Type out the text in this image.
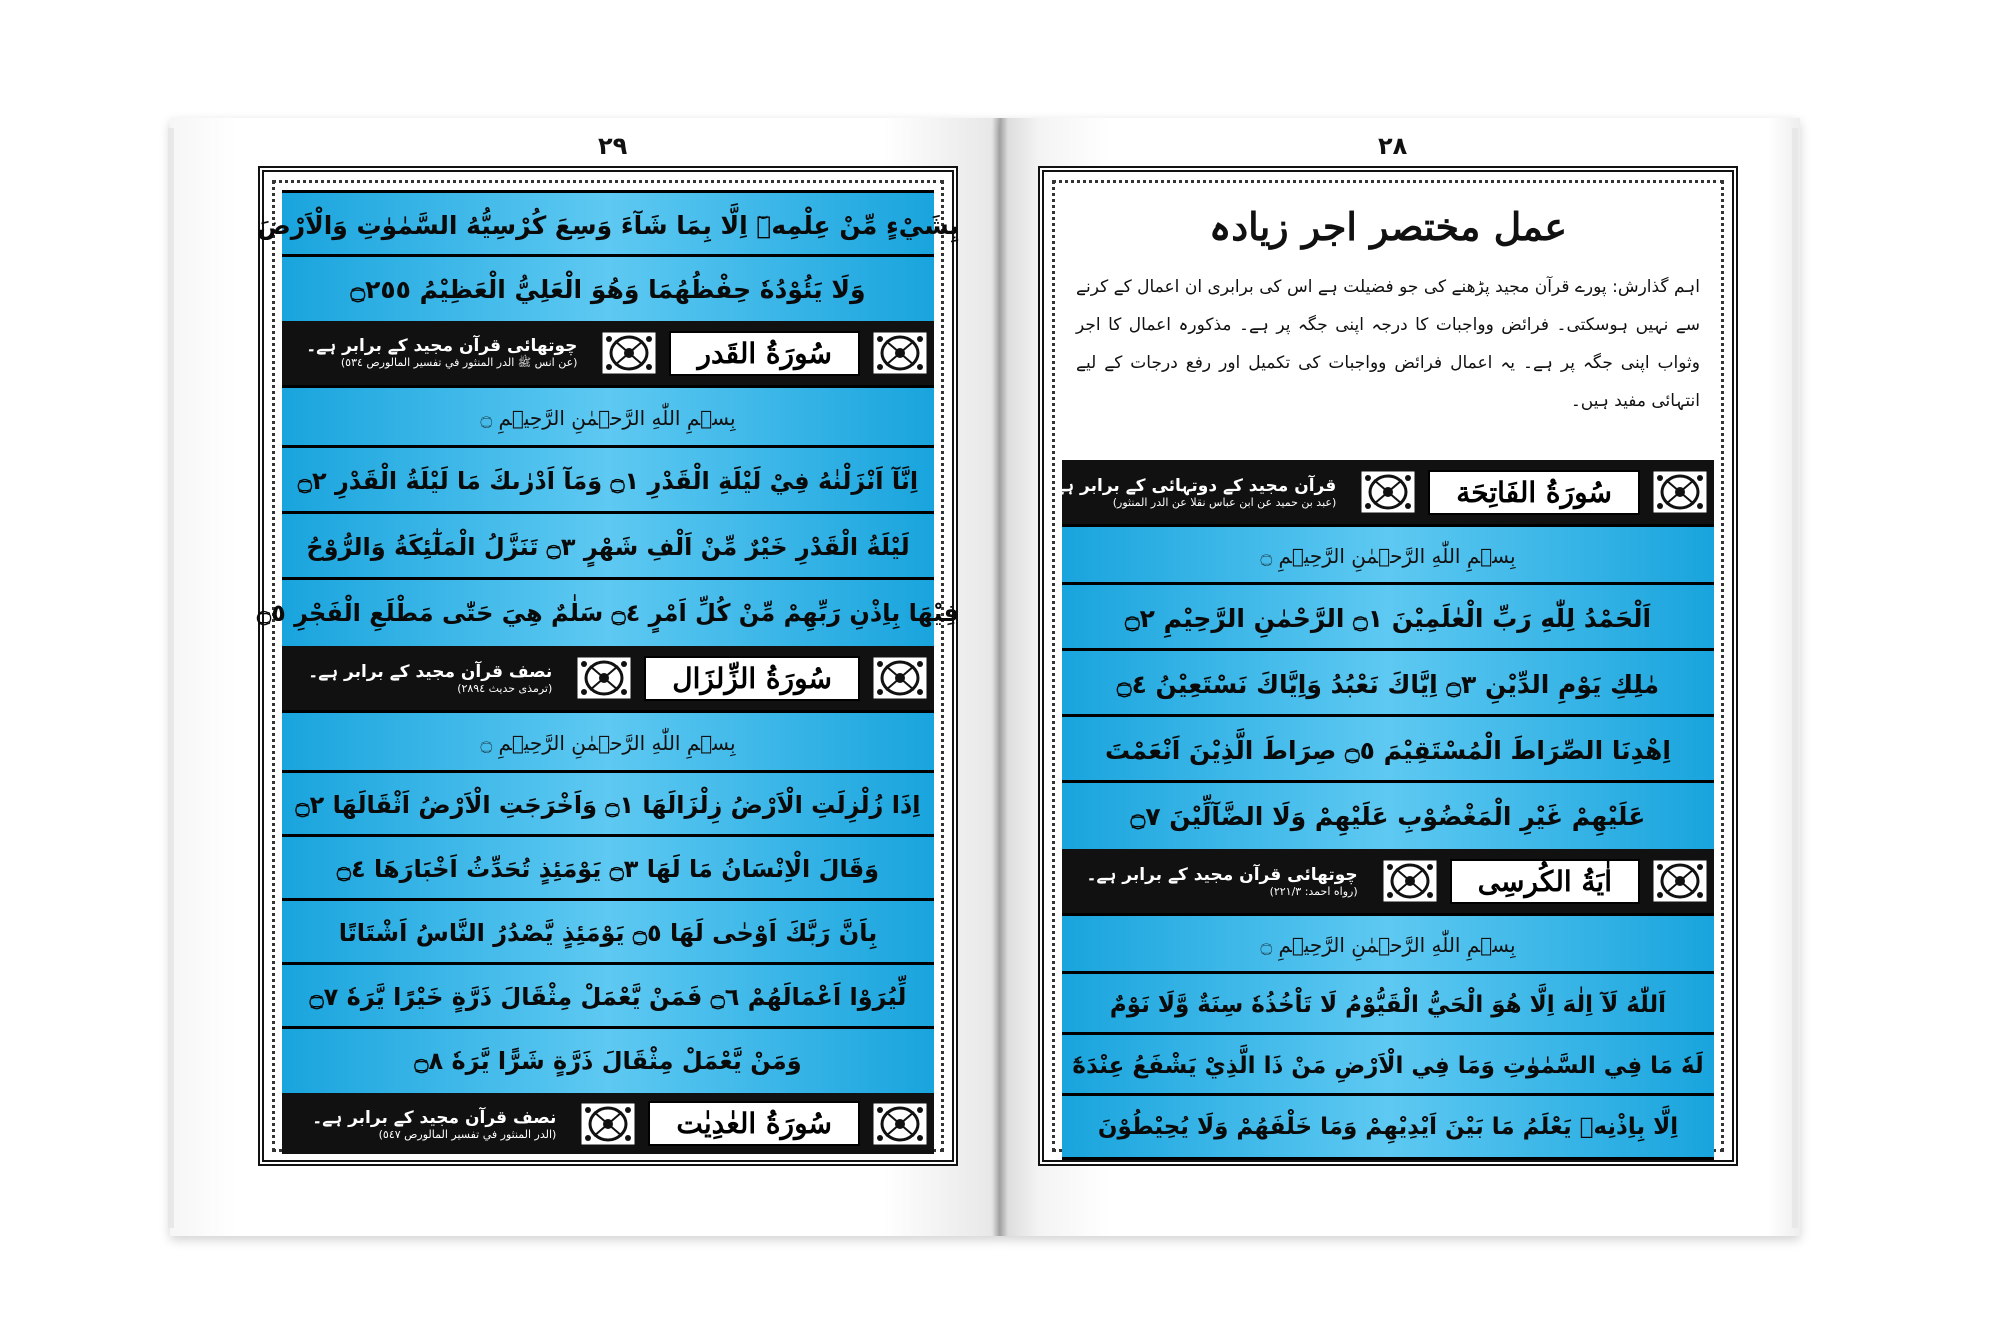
۲۹	۲۸
بِشَيْءٍ مِّنْ عِلْمِهٖٓ اِلَّا بِمَا شَآءَ وَسِعَ كُرْسِيُّهُ السَّمٰوٰتِ وَالْاَرْضَ
وَلَا يَئُوْدُهٗ حِفْظُهُمَا وَهُوَ الْعَلِيُّ الْعَظِيْمُ ۝٢٥٥
سُورَةُ القَدر
چوتھائی قرآن مجید کے برابر ہے۔
(عن انس ﷺ الدر المنثور في تفسير المالورص ٥٣٤)
بِسۡمِ اللّٰهِ الرَّحۡمٰنِ الرَّحِيۡمِ ۝
اِنَّآ اَنْزَلْنٰهُ فِيْ لَيْلَةِ الْقَدْرِ ۝١ وَمَآ اَدْرٰىكَ مَا لَيْلَةُ الْقَدْرِ ۝٢
لَيْلَةُ الْقَدْرِ خَيْرٌ مِّنْ اَلْفِ شَهْرٍ ۝٣ تَنَزَّلُ الْمَلٰٓئِكَةُ وَالرُّوْحُ
فِيْهَا بِاِذْنِ رَبِّهِمْ مِّنْ كُلِّ اَمْرٍ ۝٤ سَلٰمٌ هِيَ حَتّٰى مَطْلَعِ الْفَجْرِ ۝٥
سُورَةُ الزِّلزَال
نصف قرآن مجید کے برابر ہے۔
(ترمذی حدیث ٢٨٩٤)
بِسۡمِ اللّٰهِ الرَّحۡمٰنِ الرَّحِيۡمِ ۝
اِذَا زُلْزِلَتِ الْاَرْضُ زِلْزَالَهَا ۝١ وَاَخْرَجَتِ الْاَرْضُ اَثْقَالَهَا ۝٢
وَقَالَ الْاِنْسَانُ مَا لَهَا ۝٣ يَوْمَئِذٍ تُحَدِّثُ اَخْبَارَهَا ۝٤
بِاَنَّ رَبَّكَ اَوْحٰى لَهَا ۝٥ يَوْمَئِذٍ يَّصْدُرُ النَّاسُ اَشْتَاتًا
لِّيُرَوْا اَعْمَالَهُمْ ۝٦ فَمَنْ يَّعْمَلْ مِثْقَالَ ذَرَّةٍ خَيْرًا يَّرَهٗ ۝٧
وَمَنْ يَّعْمَلْ مِثْقَالَ ذَرَّةٍ شَرًّا يَّرَهٗ ۝٨
سُورَةُ العٰدِيٰت
نصف قرآن مجید کے برابر ہے۔
(الدر المنثور في تفسير المالورص ٥٤٧)
عمل مختصر اجر زیادہ
اہم گذارش: پورے قرآن مجید پڑھنے کی جو فضیلت ہے اس کی برابری ان اعمال کے کرنے سے نہیں ہوسکتی۔ فرائض وواجبات کا درجہ اپنی جگہ پر ہے۔ مذکورہ اعمال کا اجر وثواب اپنی جگہ پر ہے۔ یہ اعمال فرائض وواجبات کی تکمیل اور رفع درجات کے لیے انتہائی مفید ہیں۔
سُورَةُ الفَاتِحَة
قرآن مجید کے دوتہائی کے برابر ہے۔
(عبد بن حميد عن ابن عباس نقلا عن الدر المنثور)
بِسۡمِ اللّٰهِ الرَّحۡمٰنِ الرَّحِيۡمِ ۝
اَلْحَمْدُ لِلّٰهِ رَبِّ الْعٰلَمِيْنَ ۝١ الرَّحْمٰنِ الرَّحِيْمِ ۝٢
مٰلِكِ يَوْمِ الدِّيْنِ ۝٣ اِيَّاكَ نَعْبُدُ وَاِيَّاكَ نَسْتَعِيْنُ ۝٤
اِهْدِنَا الصِّرَاطَ الْمُسْتَقِيْمَ ۝٥ صِرَاطَ الَّذِيْنَ اَنْعَمْتَ
عَلَيْهِمْ غَيْرِ الْمَغْضُوْبِ عَلَيْهِمْ وَلَا الضَّآلِّيْنَ ۝٧
اٰيَةُ الكُرسِى
چوتھائی قرآن مجید کے برابر ہے۔
(رواه احمد: ٢٢١/٣)
بِسۡمِ اللّٰهِ الرَّحۡمٰنِ الرَّحِيۡمِ ۝
اَللّٰهُ لَآ اِلٰهَ اِلَّا هُوَ الْحَيُّ الْقَيُّوْمُ لَا تَاْخُذُهٗ سِنَةٌ وَّلَا نَوْمٌ
لَهٗ مَا فِي السَّمٰوٰتِ وَمَا فِي الْاَرْضِ مَنْ ذَا الَّذِيْ يَشْفَعُ عِنْدَهٗٓ
اِلَّا بِاِذْنِهٖ يَعْلَمُ مَا بَيْنَ اَيْدِيْهِمْ وَمَا خَلْفَهُمْ وَلَا يُحِيْطُوْنَ
